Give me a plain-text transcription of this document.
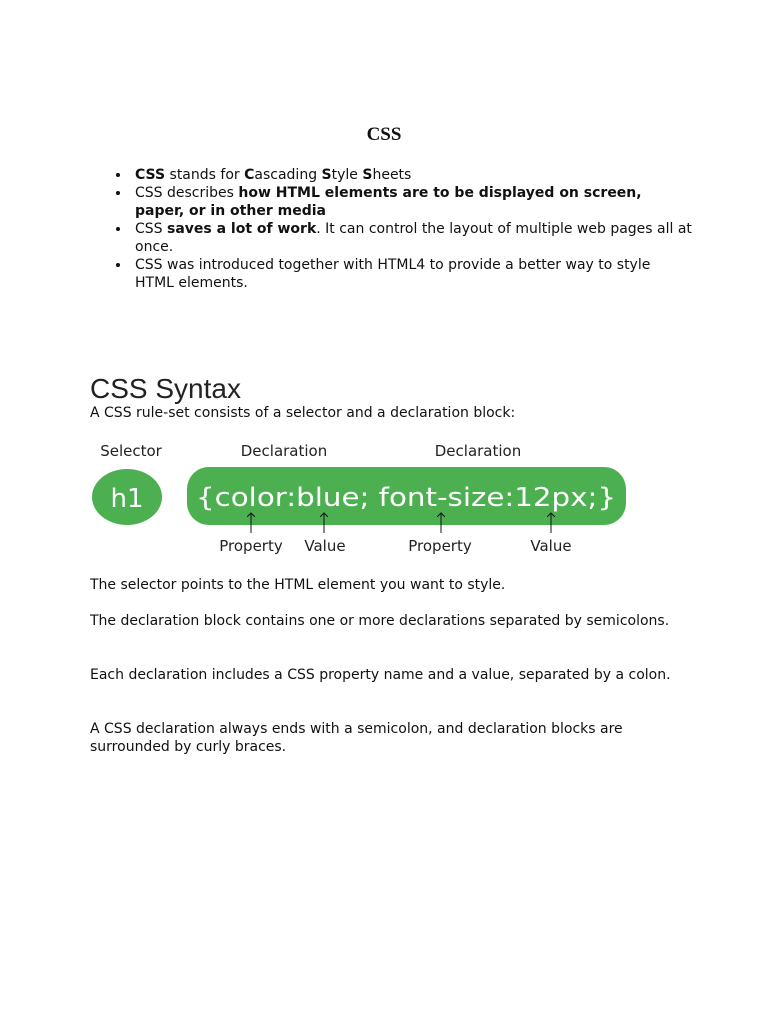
CSS
CSS stands for Cascading Style Sheets
CSS describes how HTML elements are to be displayed on screen, paper, or in other media
CSS saves a lot of work. It can control the layout of multiple web pages all at once.
CSS was introduced together with HTML4 to provide a better way to style HTML elements.
CSS Syntax

A CSS rule-set consists of a selector and a declaration block:

Selector	Declaration	Declaration
h1 {color:blue; font-size:12px;}
Property Value	Property	Value

The selector points to the HTML element you want to style.

The declaration block contains one or more declarations separated by semicolons.

Each declaration includes a CSS property name and a value, separated by a colon.

A CSS declaration always ends with a semicolon, and declaration blocks are surrounded by curly braces.
